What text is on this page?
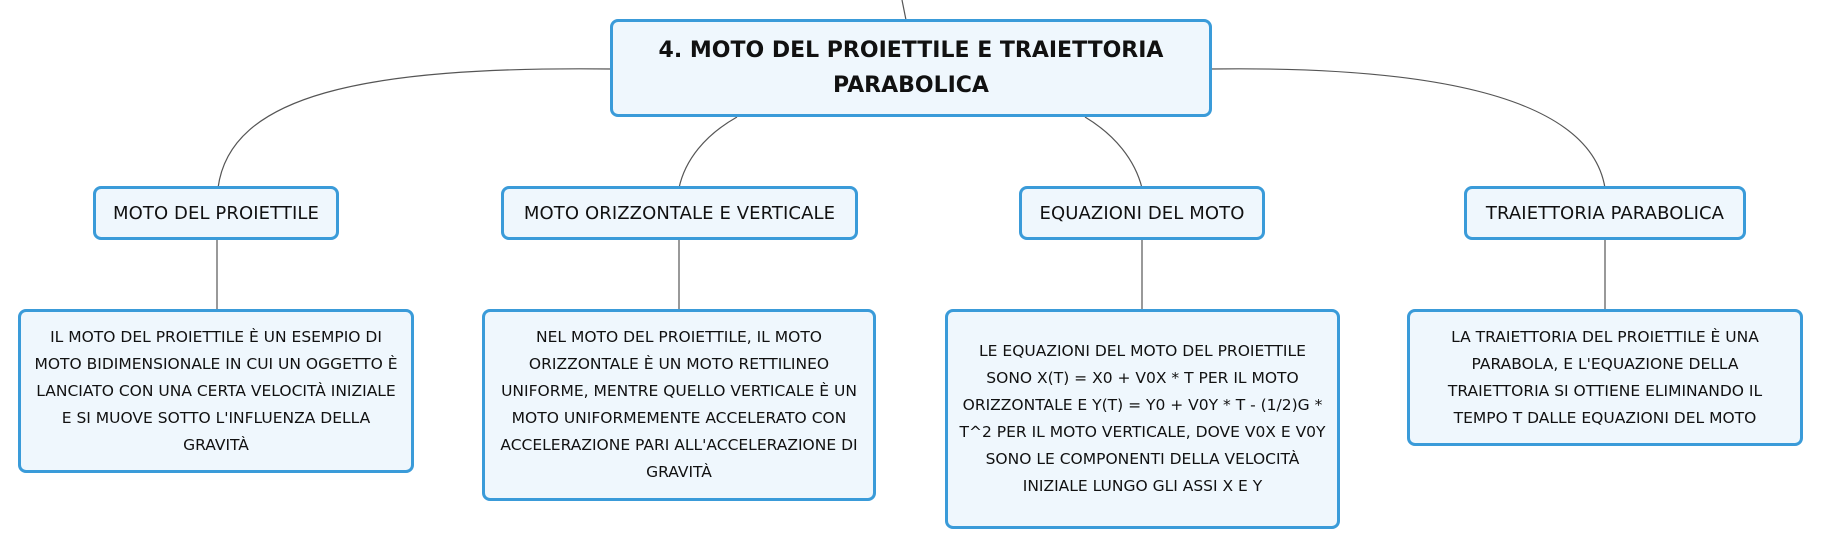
4. MOTO DEL PROIETTILE E TRAIETTORIA PARABOLICA
MOTO DEL PROIETTILE	MOTO ORIZZONTALE E VERTICALE	EQUAZIONI DEL MOTO	TRAIETTORIA PARABOLICA
IL MOTO DEL PROIETTILE È UN ESEMPIO DI MOTO BIDIMENSIONALE IN CUI UN OGGETTO È LANCIATO CON UNA CERTA VELOCITÀ INIZIALE E SI MUOVE SOTTO L'INFLUENZA DELLA GRAVITÀ
NEL MOTO DEL PROIETTILE, IL MOTO ORIZZONTALE È UN MOTO RETTILINEO UNIFORME, MENTRE QUELLO VERTICALE È UN MOTO UNIFORMEMENTE ACCELERATO CON ACCELERAZIONE PARI ALL'ACCELERAZIONE DI GRAVITÀ
LE EQUAZIONI DEL MOTO DEL PROIETTILE SONO X(T) = X0 + V0X * T PER IL MOTO ORIZZONTALE E Y(T) = Y0 + V0Y * T - (1/2)G * T^2 PER IL MOTO VERTICALE, DOVE V0X E V0Y SONO LE COMPONENTI DELLA VELOCITÀ INIZIALE LUNGO GLI ASSI X E Y
LA TRAIETTORIA DEL PROIETTILE È UNA PARABOLA, E L'EQUAZIONE DELLA TRAIETTORIA SI OTTIENE ELIMINANDO IL TEMPO T DALLE EQUAZIONI DEL MOTO
